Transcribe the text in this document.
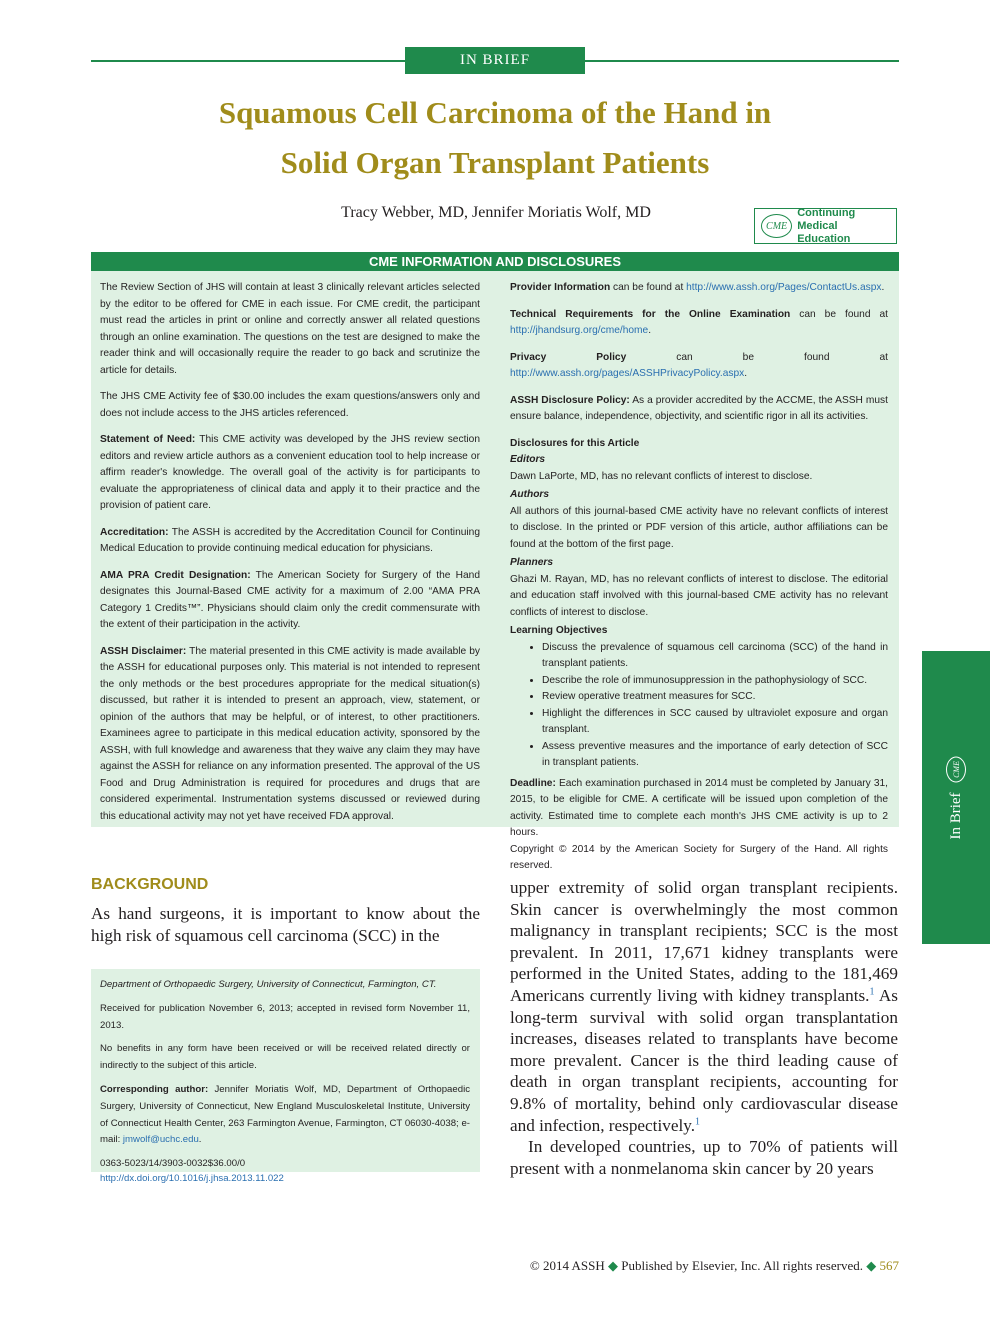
IN BRIEF
Squamous Cell Carcinoma of the Hand in
Solid Organ Transplant Patients
Tracy Webber, MD, Jennifer Moriatis Wolf, MD
CME
Continuing Medical
Education
CME INFORMATION AND DISCLOSURES

The Review Section of JHS will contain at least 3 clinically relevant articles selected by the editor to be offered for CME in each issue. For CME credit, the participant must read the articles in print or online and correctly answer all related questions through an online examination. The questions on the test are designed to make the reader think and will occasionally require the reader to go back and scrutinize the article for details.

The JHS CME Activity fee of $30.00 includes the exam questions/answers only and does not include access to the JHS articles referenced.

Statement of Need: This CME activity was developed by the JHS review section editors and review article authors as a convenient education tool to help increase or affirm reader's knowledge. The overall goal of the activity is for participants to evaluate the appropriateness of clinical data and apply it to their practice and the provision of patient care.

Accreditation: The ASSH is accredited by the Accreditation Council for Continuing Medical Education to provide continuing medical education for physicians.

AMA PRA Credit Designation: The American Society for Surgery of the Hand designates this Journal-Based CME activity for a maximum of 2.00 “AMA PRA Category 1 Credits™”. Physicians should claim only the credit commensurate with the extent of their participation in the activity.

ASSH Disclaimer: The material presented in this CME activity is made available by the ASSH for educational purposes only. This material is not intended to represent the only methods or the best procedures appropriate for the medical situation(s) discussed, but rather it is intended to present an approach, view, statement, or opinion of the authors that may be helpful, or of interest, to other practitioners. Examinees agree to participate in this medical education activity, sponsored by the ASSH, with full knowledge and awareness that they waive any claim they may have against the ASSH for reliance on any information presented. The approval of the US Food and Drug Administration is required for procedures and drugs that are considered experimental. Instrumentation systems discussed or reviewed during this educational activity may not yet have received FDA approval.

Provider Information can be found at http://www.assh.org/Pages/ContactUs.aspx.

Technical Requirements for the Online Examination can be found at http://jhandsurg.org/cme/home.

Privacy Policy can be found at http://www.assh.org/pages/ASSHPrivacyPolicy.aspx.

ASSH Disclosure Policy: As a provider accredited by the ACCME, the ASSH must ensure balance, independence, objectivity, and scientific rigor in all its activities.

Disclosures for this Article

Editors

Dawn LaPorte, MD, has no relevant conflicts of interest to disclose.

Authors

All authors of this journal-based CME activity have no relevant conflicts of interest to disclose. In the printed or PDF version of this article, author affiliations can be found at the bottom of the first page.

Planners

Ghazi M. Rayan, MD, has no relevant conflicts of interest to disclose. The editorial and education staff involved with this journal-based CME activity has no relevant conflicts of interest to disclose.

Learning Objectives

• Discuss the prevalence of squamous cell carcinoma (SCC) of the hand in transplant patients.
• Describe the role of immunosuppression in the pathophysiology of SCC.
• Review operative treatment measures for SCC.
• Highlight the differences in SCC caused by ultraviolet exposure and organ transplant.
• Assess preventive measures and the importance of early detection of SCC in transplant patients.

Deadline: Each examination purchased in 2014 must be completed by January 31, 2015, to be eligible for CME. A certificate will be issued upon completion of the activity. Estimated time to complete each month's JHS CME activity is up to 2 hours.

Copyright © 2014 by the American Society for Surgery of the Hand. All rights reserved.

In Brief
CME
BACKGROUND
As hand surgeons, it is important to know about the high risk of squamous cell carcinoma (SCC) in the

Department of Orthopaedic Surgery, University of Connecticut, Farmington, CT.

Received for publication November 6, 2013; accepted in revised form November 11, 2013.

No benefits in any form have been received or will be received related directly or indirectly to the subject of this article.

Corresponding author: Jennifer Moriatis Wolf, MD, Department of Orthopaedic Surgery, University of Connecticut, New England Musculoskeletal Institute, University of Connecticut Health Center, 263 Farmington Avenue, Farmington, CT 06030-4038; e-mail: jmwolf@uchc.edu.

0363-5023/14/3903-0032$36.00/0
http://dx.doi.org/10.1016/j.jhsa.2013.11.022

upper extremity of solid organ transplant recipients. Skin cancer is overwhelmingly the most common malignancy in transplant recipients; SCC is the most prevalent. In 2011, 17,671 kidney transplants were performed in the United States, adding to the 181,469 Americans currently living with kidney transplants.$^1$ As long-term survival with solid organ transplantation increases, diseases related to transplants have become more prevalent. Cancer is the third leading cause of death in organ transplant recipients, accounting for 9.8% of mortality, behind only cardiovascular disease and infection, respectively.$^1$

In developed countries, up to 70% of patients will present with a nonmelanoma skin cancer by 20 years

© 2014 ASSH ◆ Published by Elsevier, Inc. All rights reserved. ◆ 567
